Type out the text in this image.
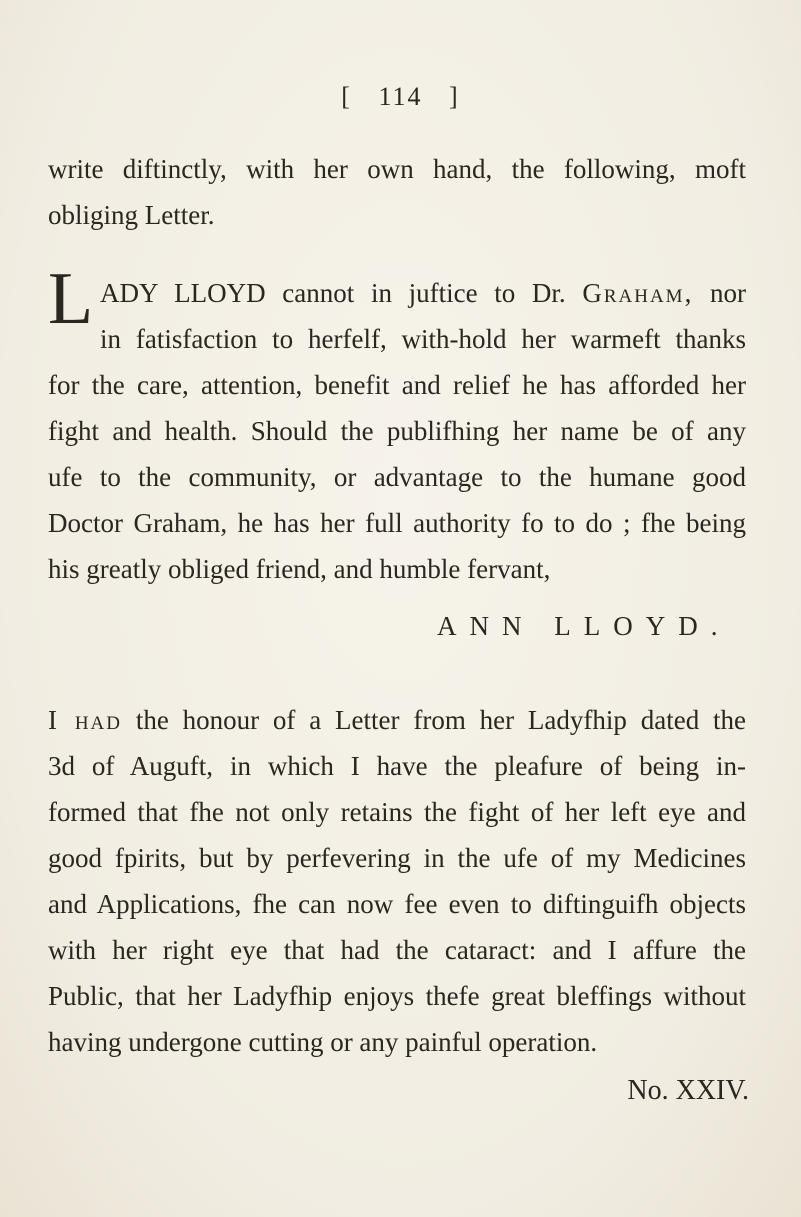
[ 114 ]
write diftinctly, with her own hand, the following, moft
obliging Letter.
L ADY LLOYD cannot in juftice to Dr. Graham, nor
in fatisfaction to herfelf, with-hold her warmeft thanks
for the care, attention, benefit and relief he has afforded her
fight and health. Should the publifhing her name be of any
ufe to the community, or advantage to the humane good
Doctor Graham, he has her full authority fo to do ; fhe being
his greatly obliged friend, and humble fervant,
ANN LLOYD.
I had the honour of a Letter from her Ladyfhip dated the
3d of Auguft, in which I have the pleafure of being in-
formed that fhe not only retains the fight of her left eye and
good fpirits, but by perfevering in the ufe of my Medicines
and Applications, fhe can now fee even to diftinguifh objects
with her right eye that had the cataract: and I affure the
Public, that her Ladyfhip enjoys thefe great bleffings without
having undergone cutting or any painful operation.
No. XXIV.
